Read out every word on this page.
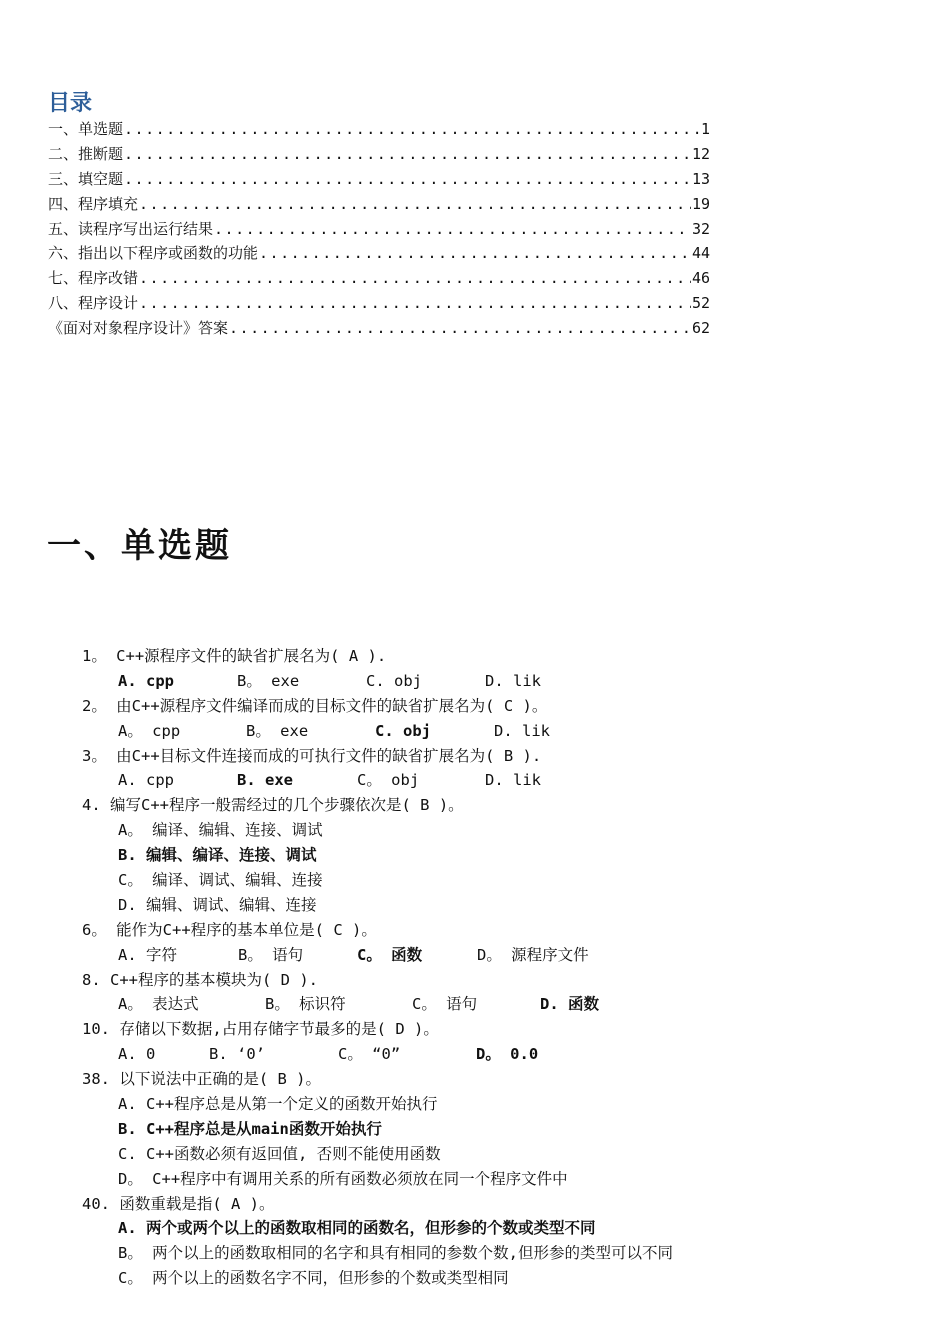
目录
一、单选题 .....	1
二、推断题 .....	12
三、填空题 .....	13
四、程序填充 .....	19
五、读程序写出运行结果 .....	32
六、指出以下程序或函数的功能 .....	44
七、程序改错 .....	46
八、程序设计 .....	52
《面对对象程序设计》答案 .....	62
一、单选题
1。 C++源程序文件的缺省扩展名为( A ).
A. cpp	B。 exe	C. obj	D. lik
2。 由C++源程序文件编译而成的目标文件的缺省扩展名为( C )。
A。 cpp	B。 exe	C. obj	D. lik
3。 由C++目标文件连接而成的可执行文件的缺省扩展名为( B ).
A. cpp	B. exe	C。 obj	D. lik
4. 编写C++程序一般需经过的几个步骤依次是( B )。
A。 编译、编辑、连接、调试
B. 编辑、编译、连接、调试
C。 编译、调试、编辑、连接
D. 编辑、调试、编辑、连接
6。 能作为C++程序的基本单位是( C )。
A. 字符	B。 语句	C。 函数	D。 源程序文件
8. C++程序的基本模块为( D ).
A。 表达式	B。 标识符	C。 语句	D. 函数
10. 存储以下数据,占用存储字节最多的是( D )。
A. 0	B. ‘0’	C。 “0”	D。 0.0
38. 以下说法中正确的是( B )。
A. C++程序总是从第一个定义的函数开始执行
B. C++程序总是从main函数开始执行
C. C++函数必须有返回值, 否则不能使用函数
D。 C++程序中有调用关系的所有函数必须放在同一个程序文件中
40. 函数重载是指( A )。
A. 两个或两个以上的函数取相同的函数名，但形参的个数或类型不同
B。 两个以上的函数取相同的名字和具有相同的参数个数,但形参的类型可以不同
C。 两个以上的函数名字不同，但形参的个数或类型相同
